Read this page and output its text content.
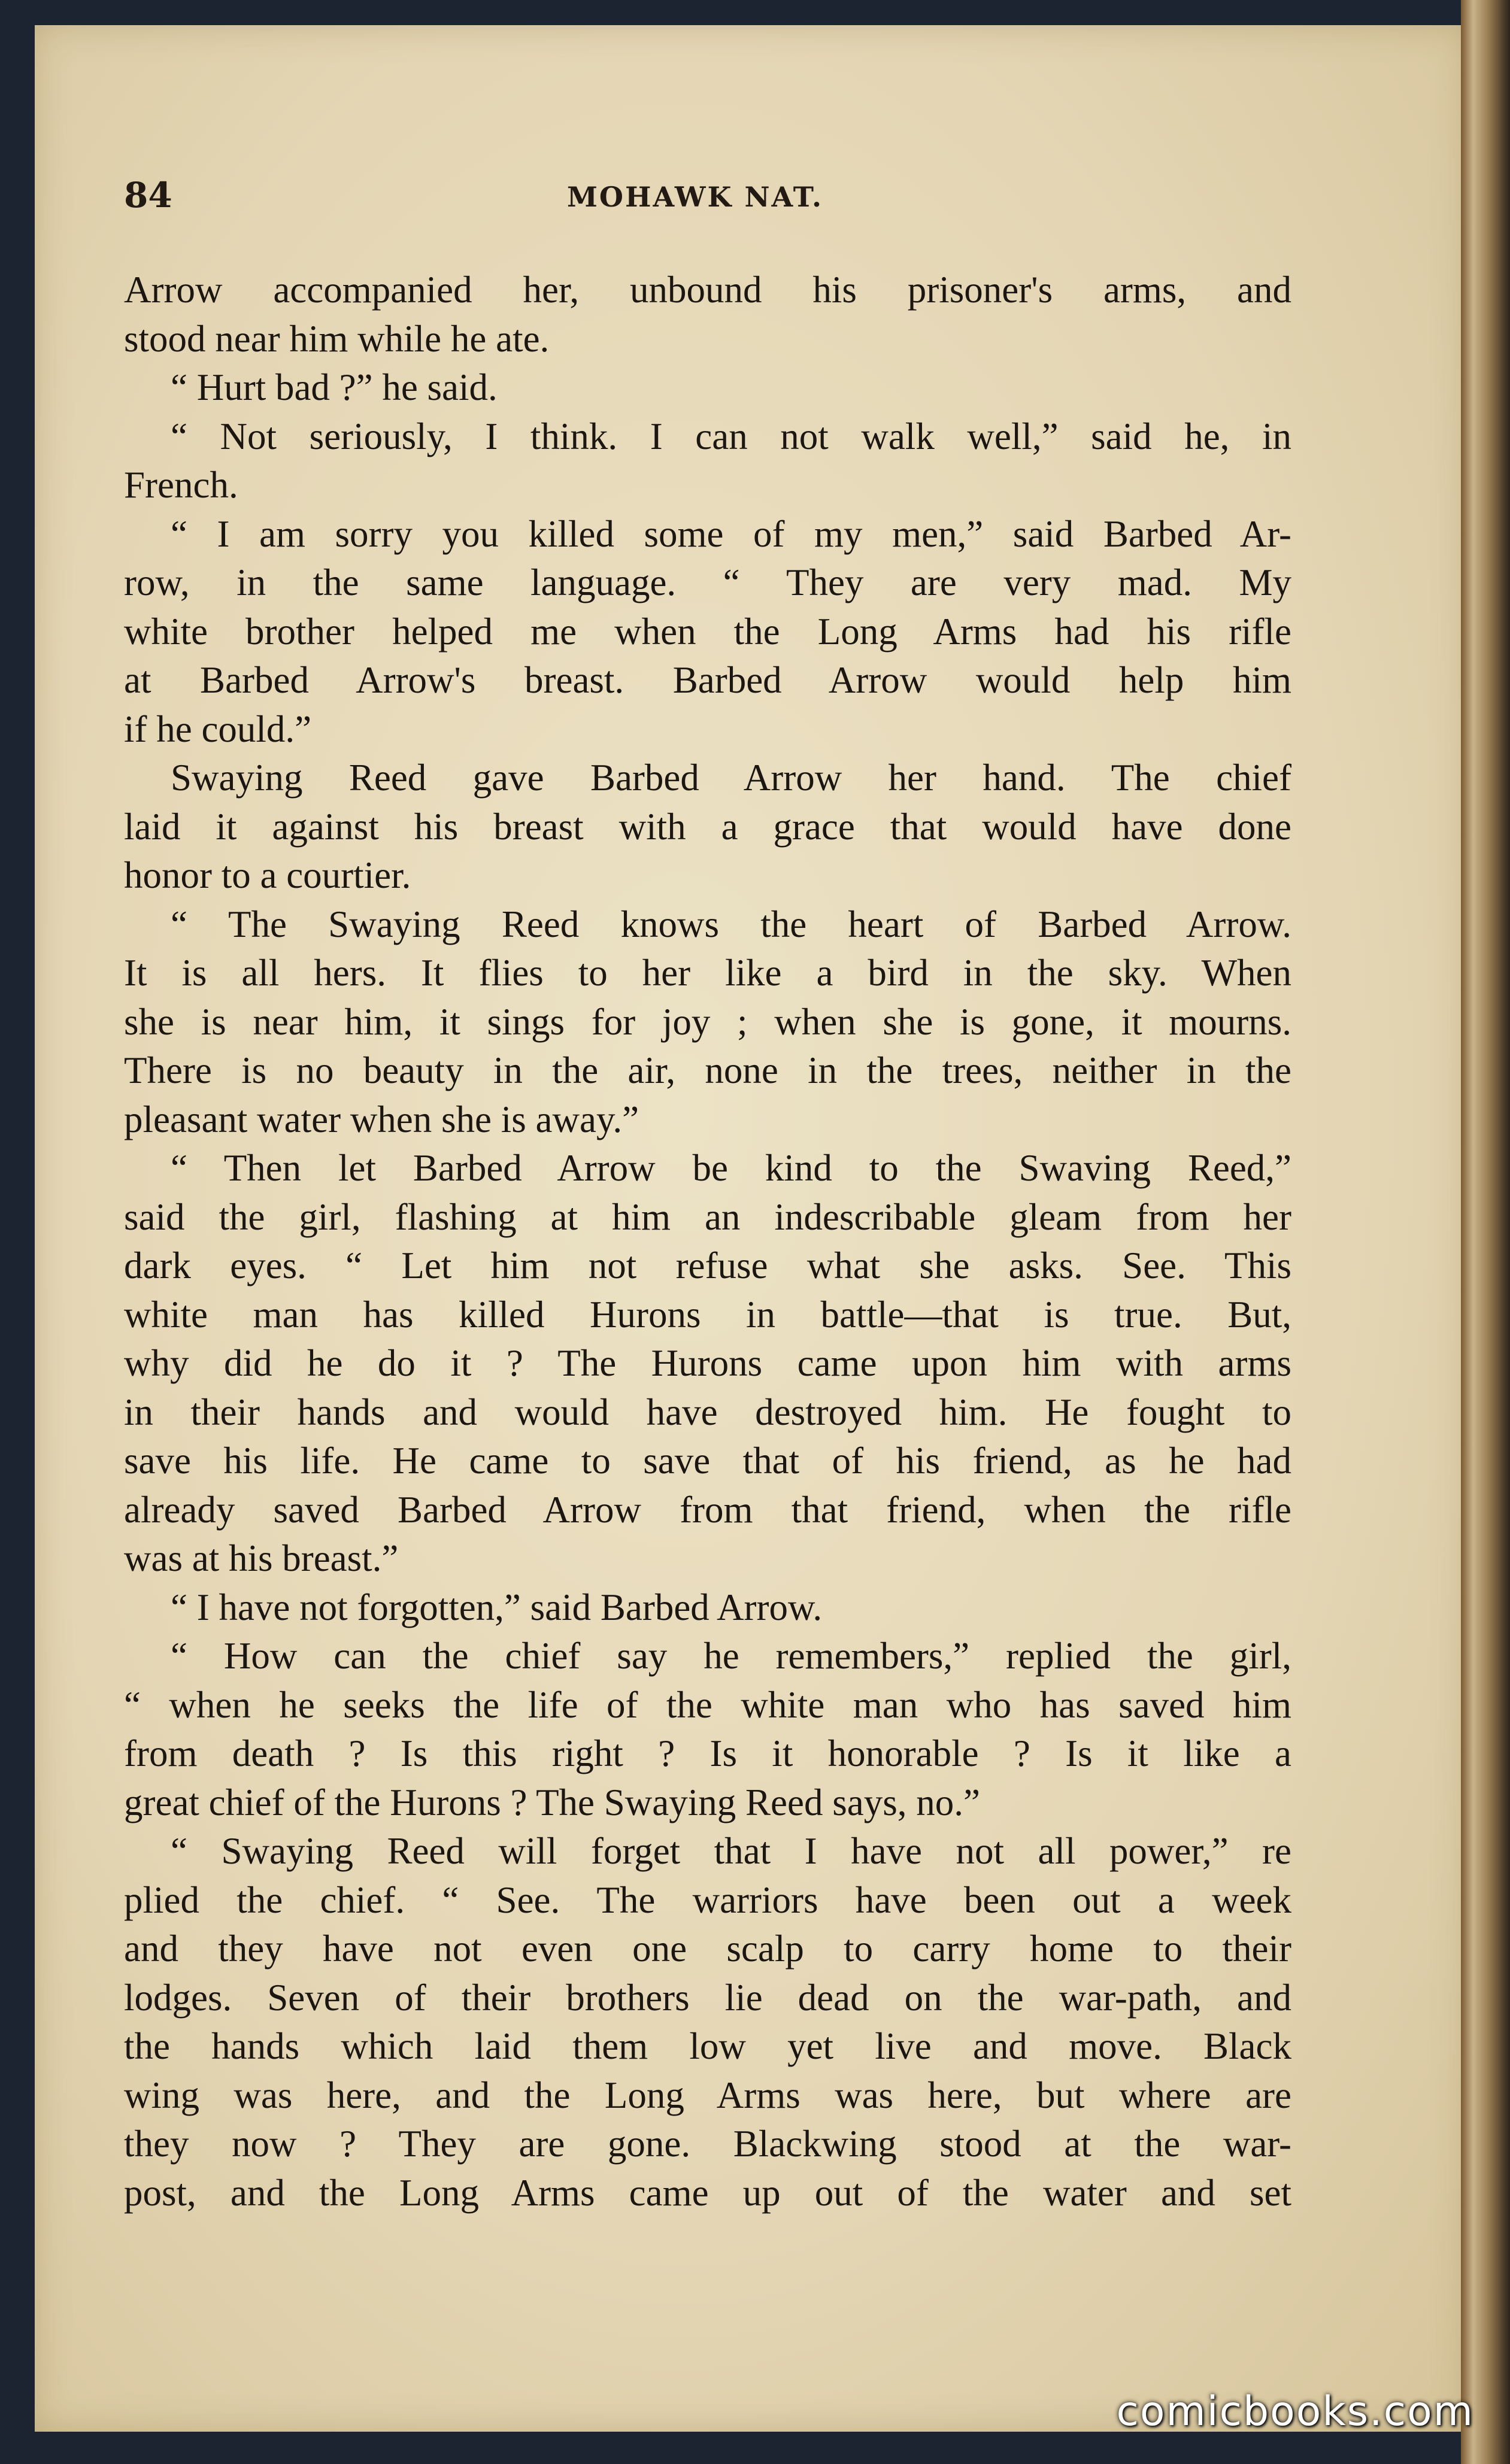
84	MOHAWK NAT.
Arrow accompanied her, unbound his prisoner's arms, and
stood near him while he ate.
“ Hurt bad ?” he said.
“ Not seriously, I think. I can not walk well,” said he, in
French.
“ I am sorry you killed some of my men,” said Barbed Ar-
row, in the same language. “ They are very mad. My
white brother helped me when the Long Arms had his rifle
at Barbed Arrow's breast. Barbed Arrow would help him
if he could.”
Swaying Reed gave Barbed Arrow her hand. The chief
laid it against his breast with a grace that would have done
honor to a courtier.
“ The Swaying Reed knows the heart of Barbed Arrow.
It is all hers. It flies to her like a bird in the sky. When
she is near him, it sings for joy ; when she is gone, it mourns.
There is no beauty in the air, none in the trees, neither in the
pleasant water when she is away.”
“ Then let Barbed Arrow be kind to the Swaving Reed,”
said the girl, flashing at him an indescribable gleam from her
dark eyes. “ Let him not refuse what she asks. See. This
white man has killed Hurons in battle—that is true. But,
why did he do it ? The Hurons came upon him with arms
in their hands and would have destroyed him. He fought to
save his life. He came to save that of his friend, as he had
already saved Barbed Arrow from that friend, when the rifle
was at his breast.”
“ I have not forgotten,” said Barbed Arrow.
“ How can the chief say he remembers,” replied the girl,
“ when he seeks the life of the white man who has saved him
from death ? Is this right ? Is it honorable ? Is it like a
great chief of the Hurons ? The Swaying Reed says, no.”
“ Swaying Reed will forget that I have not all power,” re
plied the chief. “ See. The warriors have been out a week
and they have not even one scalp to carry home to their
lodges. Seven of their brothers lie dead on the war-path, and
the hands which laid them low yet live and move. Black
wing was here, and the Long Arms was here, but where are
they now ? They are gone. Blackwing stood at the war-
post, and the Long Arms came up out of the water and set
comicbooks.com
